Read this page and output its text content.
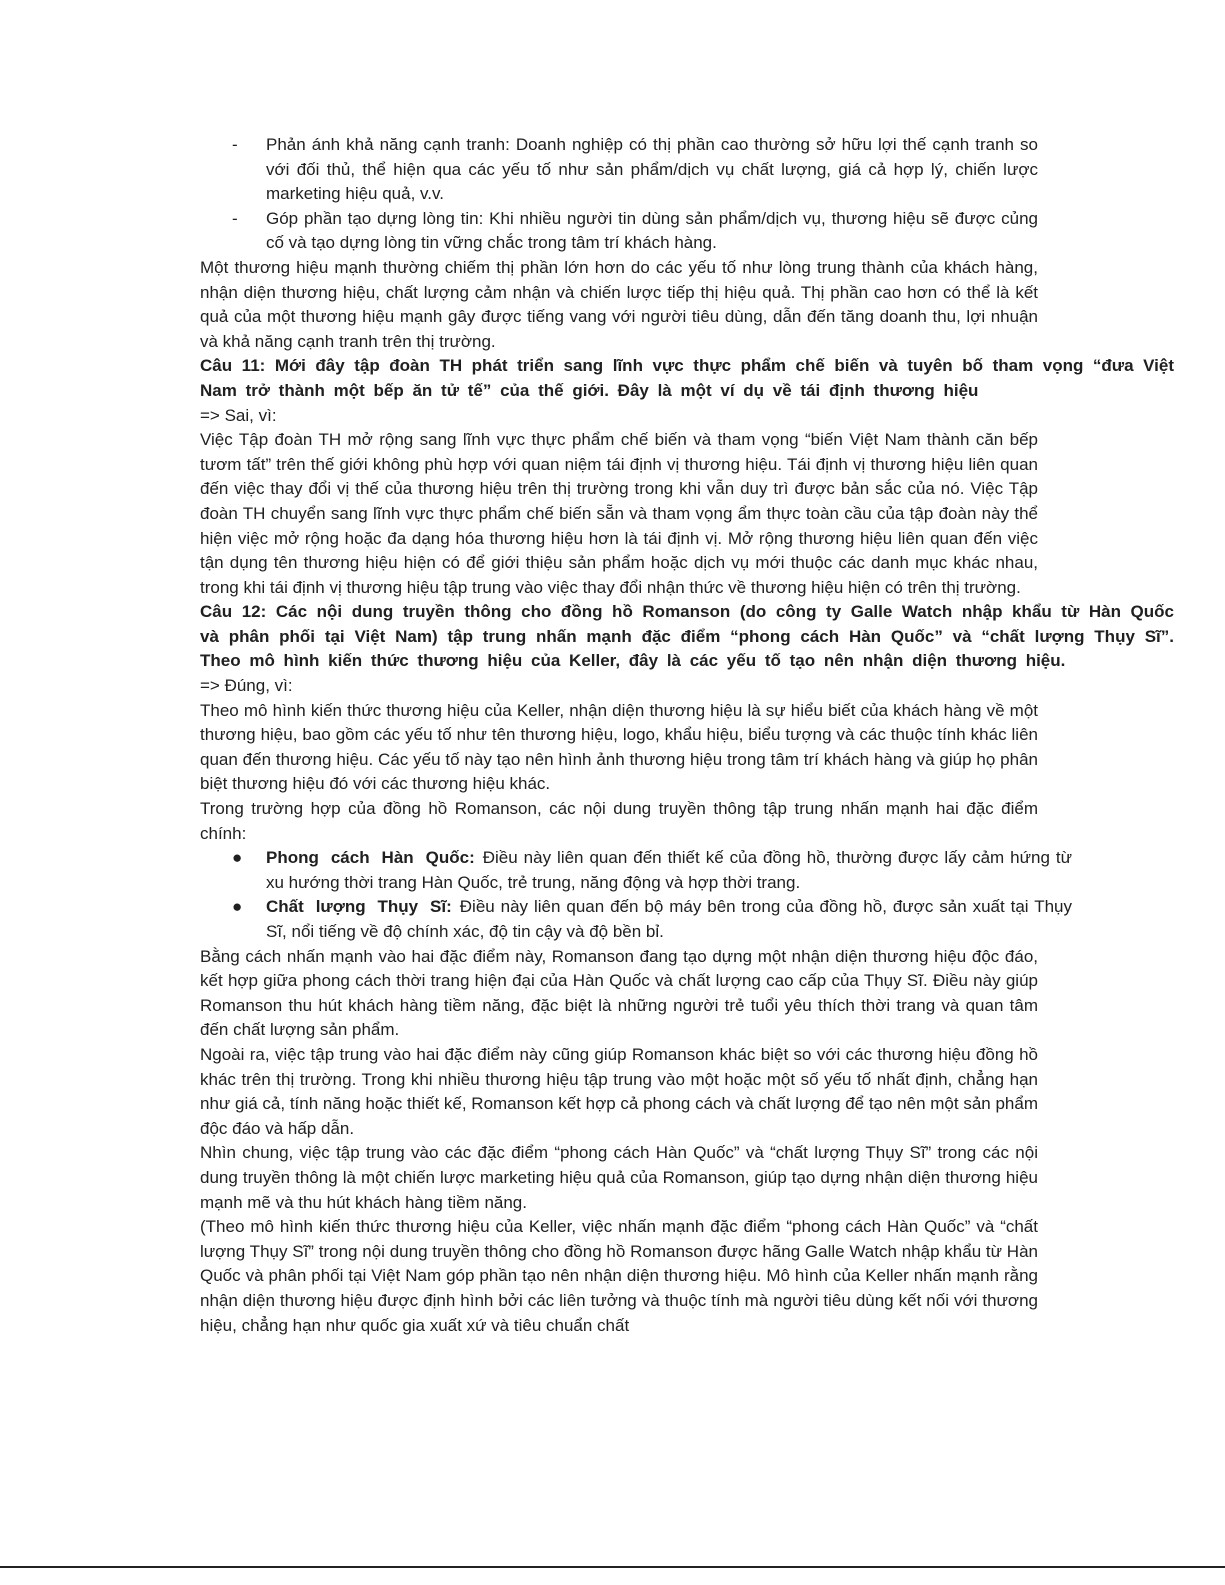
- Phản ánh khả năng cạnh tranh: Doanh nghiệp có thị phần cao thường sở hữu lợi thế cạnh tranh so với đối thủ, thể hiện qua các yếu tố như sản phẩm/dịch vụ chất lượng, giá cả hợp lý, chiến lược marketing hiệu quả, v.v.
- Góp phần tạo dựng lòng tin: Khi nhiều người tin dùng sản phẩm/dịch vụ, thương hiệu sẽ được củng cố và tạo dựng lòng tin vững chắc trong tâm trí khách hàng.

Một thương hiệu mạnh thường chiếm thị phần lớn hơn do các yếu tố như lòng trung thành của khách hàng, nhận diện thương hiệu, chất lượng cảm nhận và chiến lược tiếp thị hiệu quả. Thị phần cao hơn có thể là kết quả của một thương hiệu mạnh gây được tiếng vang với người tiêu dùng, dẫn đến tăng doanh thu, lợi nhuận và khả năng cạnh tranh trên thị trường.

Câu 11: Mới đây tập đoàn TH phát triển sang lĩnh vực thực phẩm chế biến và tuyên bố tham vọng “đưa Việt Nam trở thành một bếp ăn tử tế” của thế giới. Đây là một ví dụ về tái định thương hiệu

=> Sai, vì:

Việc Tập đoàn TH mở rộng sang lĩnh vực thực phẩm chế biến và tham vọng “biến Việt Nam thành căn bếp tươm tất” trên thế giới không phù hợp với quan niệm tái định vị thương hiệu. Tái định vị thương hiệu liên quan đến việc thay đổi vị thế của thương hiệu trên thị trường trong khi vẫn duy trì được bản sắc của nó. Việc Tập đoàn TH chuyển sang lĩnh vực thực phẩm chế biến sẵn và tham vọng ẩm thực toàn cầu của tập đoàn này thể hiện việc mở rộng hoặc đa dạng hóa thương hiệu hơn là tái định vị. Mở rộng thương hiệu liên quan đến việc tận dụng tên thương hiệu hiện có để giới thiệu sản phẩm hoặc dịch vụ mới thuộc các danh mục khác nhau, trong khi tái định vị thương hiệu tập trung vào việc thay đổi nhận thức về thương hiệu hiện có trên thị trường.

Câu 12: Các nội dung truyền thông cho đồng hồ Romanson (do công ty Galle Watch nhập khẩu từ Hàn Quốc và phân phối tại Việt Nam) tập trung nhấn mạnh đặc điểm “phong cách Hàn Quốc” và “chất lượng Thụy Sĩ”. Theo mô hình kiến thức thương hiệu của Keller, đây là các yếu tố tạo nên nhận diện thương hiệu.

=> Đúng, vì:

Theo mô hình kiến thức thương hiệu của Keller, nhận diện thương hiệu là sự hiểu biết của khách hàng về một thương hiệu, bao gồm các yếu tố như tên thương hiệu, logo, khẩu hiệu, biểu tượng và các thuộc tính khác liên quan đến thương hiệu. Các yếu tố này tạo nên hình ảnh thương hiệu trong tâm trí khách hàng và giúp họ phân biệt thương hiệu đó với các thương hiệu khác.

Trong trường hợp của đồng hồ Romanson, các nội dung truyền thông tập trung nhấn mạnh hai đặc điểm chính:

● Phong cách Hàn Quốc: Điều này liên quan đến thiết kế của đồng hồ, thường được lấy cảm hứng từ xu hướng thời trang Hàn Quốc, trẻ trung, năng động và hợp thời trang.
● Chất lượng Thụy Sĩ: Điều này liên quan đến bộ máy bên trong của đồng hồ, được sản xuất tại Thụy Sĩ, nổi tiếng về độ chính xác, độ tin cậy và độ bền bỉ.

Bằng cách nhấn mạnh vào hai đặc điểm này, Romanson đang tạo dựng một nhận diện thương hiệu độc đáo, kết hợp giữa phong cách thời trang hiện đại của Hàn Quốc và chất lượng cao cấp của Thụy Sĩ. Điều này giúp Romanson thu hút khách hàng tiềm năng, đặc biệt là những người trẻ tuổi yêu thích thời trang và quan tâm đến chất lượng sản phẩm.

Ngoài ra, việc tập trung vào hai đặc điểm này cũng giúp Romanson khác biệt so với các thương hiệu đồng hồ khác trên thị trường. Trong khi nhiều thương hiệu tập trung vào một hoặc một số yếu tố nhất định, chẳng hạn như giá cả, tính năng hoặc thiết kế, Romanson kết hợp cả phong cách và chất lượng để tạo nên một sản phẩm độc đáo và hấp dẫn.

Nhìn chung, việc tập trung vào các đặc điểm “phong cách Hàn Quốc” và “chất lượng Thụy Sĩ” trong các nội dung truyền thông là một chiến lược marketing hiệu quả của Romanson, giúp tạo dựng nhận diện thương hiệu mạnh mẽ và thu hút khách hàng tiềm năng.

(Theo mô hình kiến thức thương hiệu của Keller, việc nhấn mạnh đặc điểm “phong cách Hàn Quốc” và “chất lượng Thụy Sĩ” trong nội dung truyền thông cho đồng hồ Romanson được hãng Galle Watch nhập khẩu từ Hàn Quốc và phân phối tại Việt Nam góp phần tạo nên nhận diện thương hiệu. Mô hình của Keller nhấn mạnh rằng nhận diện thương hiệu được định hình bởi các liên tưởng và thuộc tính mà người tiêu dùng kết nối với thương hiệu, chẳng hạn như quốc gia xuất xứ và tiêu chuẩn chất
